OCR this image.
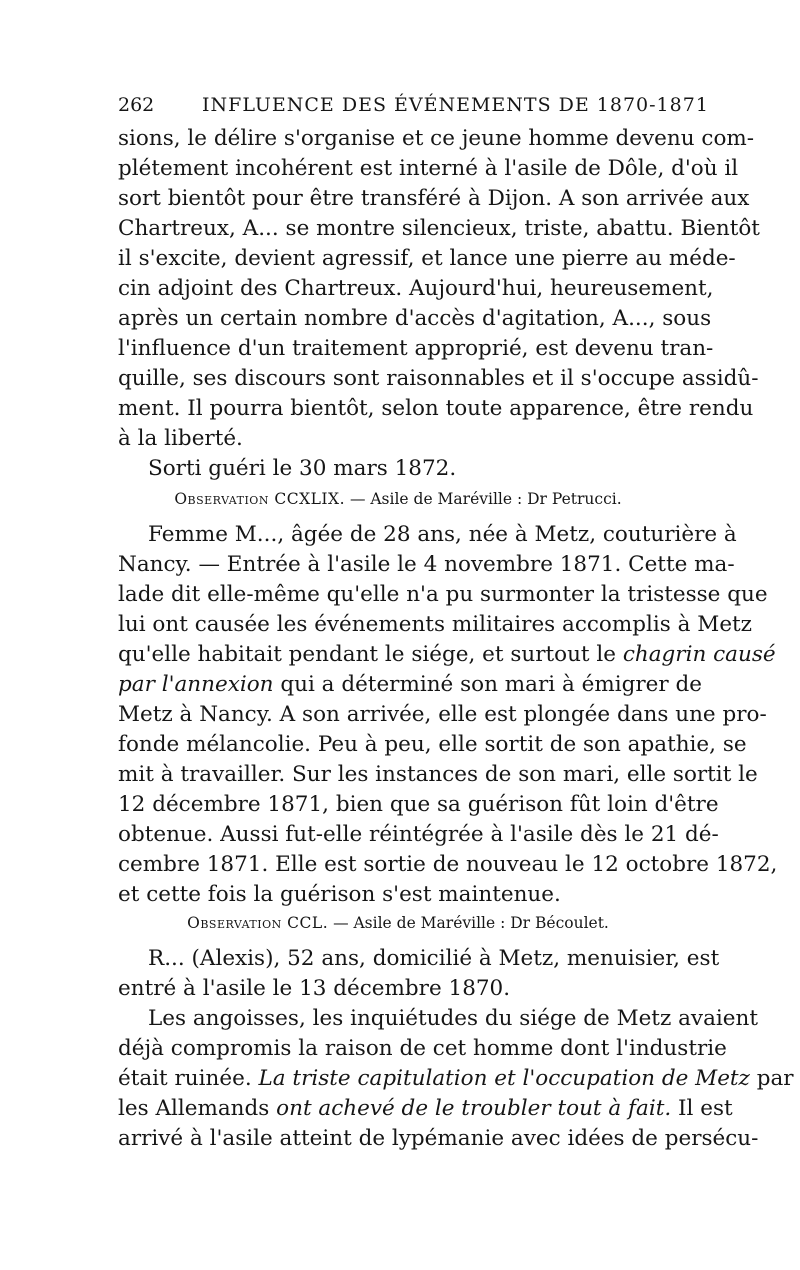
262	INFLUENCE DES ÉVÉNEMENTS DE 1870-1871
sions, le délire s'organise et ce jeune homme devenu com-
plétement incohérent est interné à l'asile de Dôle, d'où il
sort bientôt pour être transféré à Dijon. A son arrivée aux
Chartreux, A... se montre silencieux, triste, abattu. Bientôt
il s'excite, devient agressif, et lance une pierre au méde-
cin adjoint des Chartreux. Aujourd'hui, heureusement,
après un certain nombre d'accès d'agitation, A..., sous
l'influence d'un traitement approprié, est devenu tran-
quille, ses discours sont raisonnables et il s'occupe assidû-
ment. Il pourra bientôt, selon toute apparence, être rendu
à la liberté.
Sorti guéri le 30 mars 1872.
Observation CCXLIX. — Asile de Maréville : Dr Petrucci.
Femme M..., âgée de 28 ans, née à Metz, couturière à
Nancy. — Entrée à l'asile le 4 novembre 1871. Cette ma-
lade dit elle-même qu'elle n'a pu surmonter la tristesse que
lui ont causée les événements militaires accomplis à Metz
qu'elle habitait pendant le siége, et surtout le chagrin causé
par l'annexion qui a déterminé son mari à émigrer de
Metz à Nancy. A son arrivée, elle est plongée dans une pro-
fonde mélancolie. Peu à peu, elle sortit de son apathie, se
mit à travailler. Sur les instances de son mari, elle sortit le
12 décembre 1871, bien que sa guérison fût loin d'être
obtenue. Aussi fut-elle réintégrée à l'asile dès le 21 dé-
cembre 1871. Elle est sortie de nouveau le 12 octobre 1872,
et cette fois la guérison s'est maintenue.
Observation CCL. — Asile de Maréville : Dr Bécoulet.
R... (Alexis), 52 ans, domicilié à Metz, menuisier, est
entré à l'asile le 13 décembre 1870.
Les angoisses, les inquiétudes du siége de Metz avaient
déjà compromis la raison de cet homme dont l'industrie
était ruinée. La triste capitulation et l'occupation de Metz par
les Allemands ont achevé de le troubler tout à fait. Il est
arrivé à l'asile atteint de lypémanie avec idées de persécu-
